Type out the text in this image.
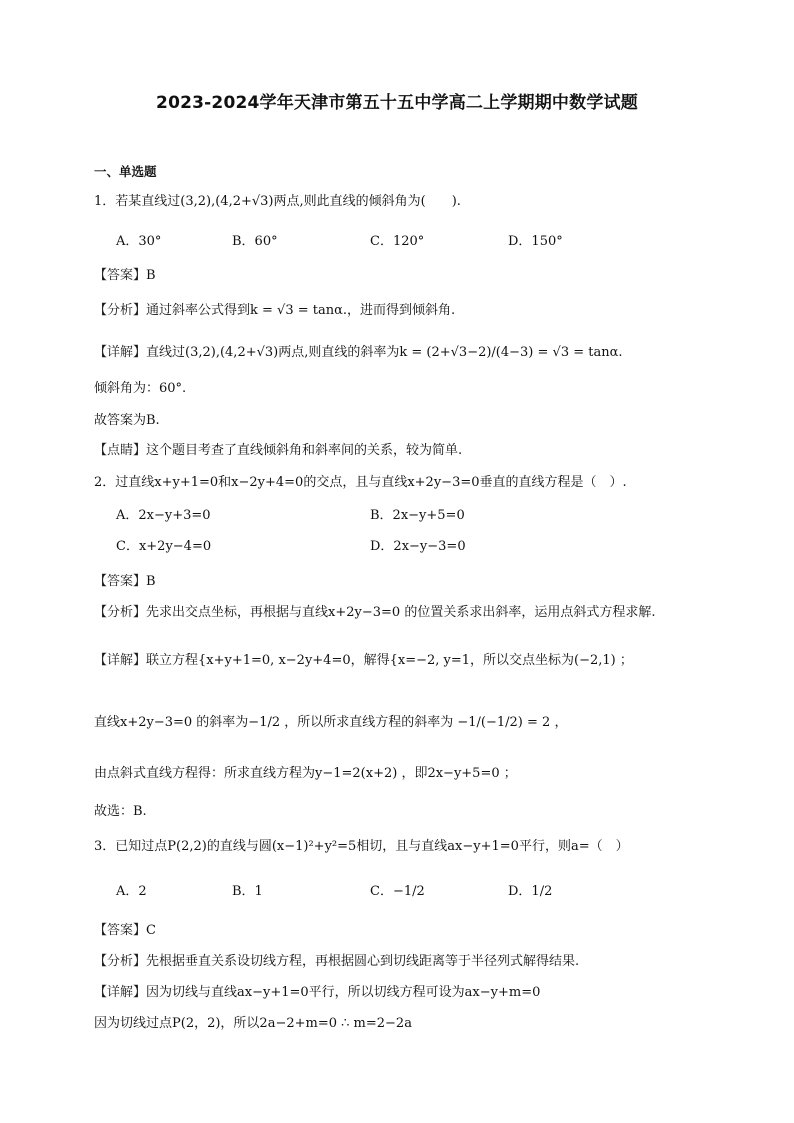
2023-2024学年天津市第五十五中学高二上学期期中数学试题
一、单选题
1．若某直线过(3,2),(4,2+√3)两点,则此直线的倾斜角为(　　).
A．30°	B．60°	C．120°	D．150°
【答案】B
【分析】通过斜率公式得到k = √3 = tanα.，进而得到倾斜角.
【详解】直线过(3,2),(4,2+√3)两点,则直线的斜率为k = (2+√3−2)/(4−3) = √3 = tanα.
倾斜角为：60°.
故答案为B.
【点睛】这个题目考查了直线倾斜角和斜率间的关系，较为简单.
2．过直线x+y+1=0和x−2y+4=0的交点，且与直线x+2y−3=0垂直的直线方程是（　）.
A．2x−y+3=0	B．2x−y+5=0
C．x+2y−4=0	D．2x−y−3=0
【答案】B
【分析】先求出交点坐标，再根据与直线x+2y−3=0 的位置关系求出斜率，运用点斜式方程求解.
【详解】联立方程{x+y+1=0, x−2y+4=0，解得{x=−2, y=1，所以交点坐标为(−2,1) ；
直线x+2y−3=0 的斜率为−1/2 ，所以所求直线方程的斜率为 −1/(−1/2) = 2 ，
由点斜式直线方程得：所求直线方程为y−1=2(x+2) ，即2x−y+5=0 ；
故选：B.
3．已知过点P(2,2)的直线与圆(x−1)²+y²=5相切，且与直线ax−y+1=0平行，则a=（　）
A．2	B．1	C．−1/2	D．1/2
【答案】C
【分析】先根据垂直关系设切线方程，再根据圆心到切线距离等于半径列式解得结果.
【详解】因为切线与直线ax−y+1=0平行，所以切线方程可设为ax−y+m=0
因为切线过点P(2，2)，所以2a−2+m=0 ∴ m=2−2a
